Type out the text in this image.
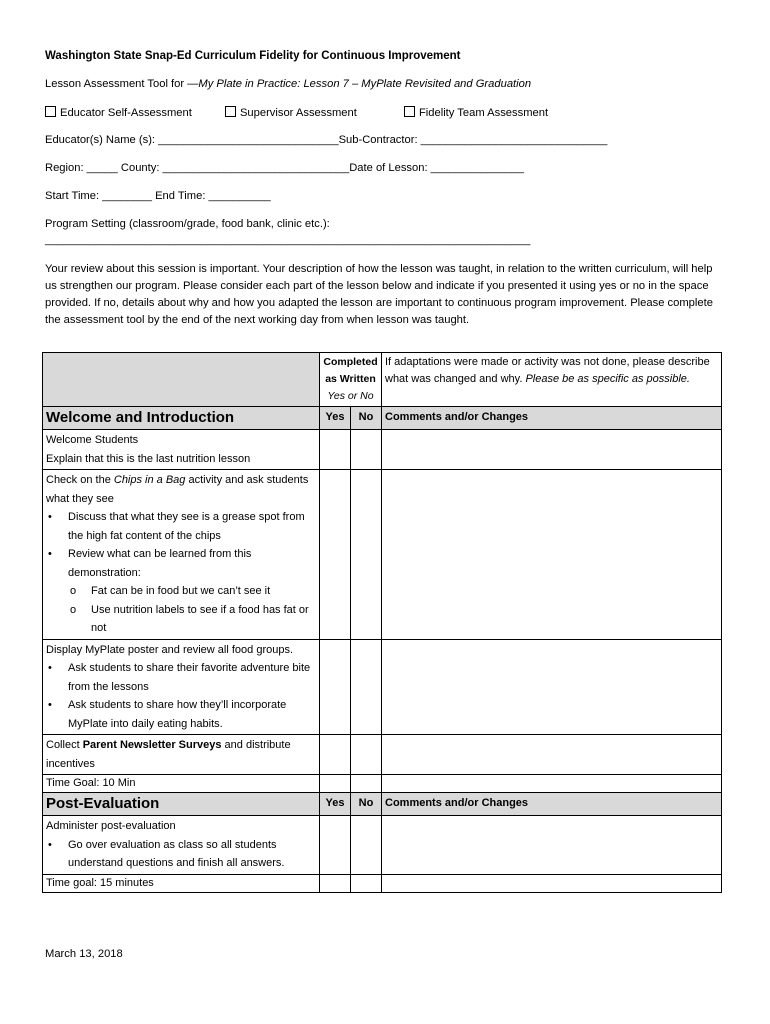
Washington State Snap-Ed Curriculum Fidelity for Continuous Improvement
Lesson Assessment Tool for —My Plate in Practice: Lesson 7 – MyPlate Revisited and Graduation
Educator Self-Assessment	Supervisor Assessment	Fidelity Team Assessment
Educator(s) Name (s): _____________________________Sub-Contractor: ______________________________
Region: _____ County: ______________________________Date of Lesson: _______________
Start Time: ________ End Time: __________
Program Setting (classroom/grade, food bank, clinic etc.):
______________________________________________________________________________
Your review about this session is important. Your description of how the lesson was taught, in relation to the written curriculum, will help us strengthen our program. Please consider each part of the lesson below and indicate if you presented it using yes or no in the space provided. If no, details about why and how you adapted the lesson are important to continuous program improvement. Please complete the assessment tool by the end of the next working day from when lesson was taught.

	Completed
as Written
Yes or No		If adaptations were made or activity was not done, please describe what was changed and why. Please be as specific as possible.
Welcome and Introduction	Yes	No	Comments and/or Changes

Welcome Students
Explain that this is the last nutrition lesson			

Check on the Chips in a Bag activity and ask students what they see
• Discuss that what they see is a grease spot from the high fat content of the chips
• Review what can be learned from this demonstration:
o Fat can be in food but we can’t see it
o Use nutrition labels to see if a food has fat or not

Display MyPlate poster and review all food groups.
• Ask students to share their favorite adventure bite from the lessons
• Ask students to share how they’ll incorporate MyPlate into daily eating habits.

Collect Parent Newsletter Surveys and distribute incentives			
Time Goal: 10 Min			
Post-Evaluation	Yes	No	Comments and/or Changes

Administer post-evaluation
• Go over evaluation as class so all students understand questions and finish all answers.

Time goal: 15 minutes			
March 13, 2018
